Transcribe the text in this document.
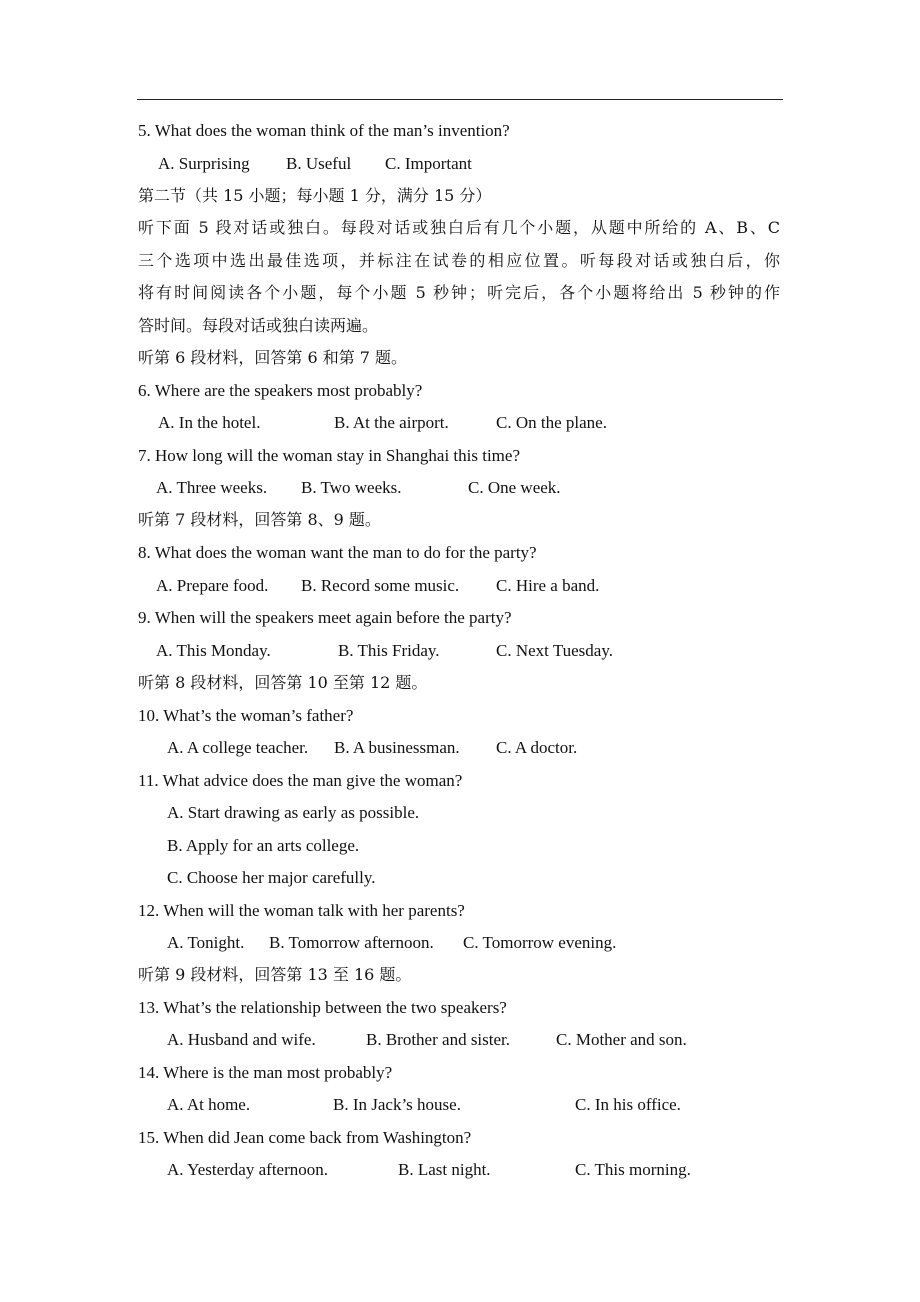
5. What does the woman think of the man’s invention?
A. Surprising B. Useful C. Important
第二节（共 15 小题；每小题 1 分，满分 15 分）
听下面 5 段对话或独白。每段对话或独白后有几个小题，从题中所给的 A、B、C
三个选项中选出最佳选项，并标注在试卷的相应位置。听每段对话或独白后，你
将有时间阅读各个小题，每个小题 5 秒钟；听完后，各个小题将给出 5 秒钟的作
答时间。每段对话或独白读两遍。
听第 6 段材料，回答第 6 和第 7 题。
6. Where are the speakers most probably?
A. In the hotel.	B. At the airport.	C. On the plane.
7. How long will the woman stay in Shanghai this time?
A. Three weeks. B. Two weeks.	C. One week.
听第 7 段材料，回答第 8、9 题。
8. What does the woman want the man to do for the party?
A. Prepare food. B. Record some music. C. Hire a band.
9. When will the speakers meet again before the party?
A. This Monday.	B. This Friday.	C. Next Tuesday.
听第 8 段材料，回答第 10 至第 12 题。
10. What’s the woman’s father?
A. A college teacher. B. A businessman. C. A doctor.
11. What advice does the man give the woman?
A. Start drawing as early as possible.
B. Apply for an arts college.
C. Choose her major carefully.
12. When will the woman talk with her parents?
A. Tonight. B. Tomorrow afternoon. C. Tomorrow evening.
听第 9 段材料，回答第 13 至 16 题。
13. What’s the relationship between the two speakers?
A. Husband and wife.	B. Brother and sister.	C. Mother and son.
14. Where is the man most probably?
A. At home.	B. In Jack’s house.	C. In his office.
15. When did Jean come back from Washington?
A. Yesterday afternoon.	B. Last night.	C. This morning.
